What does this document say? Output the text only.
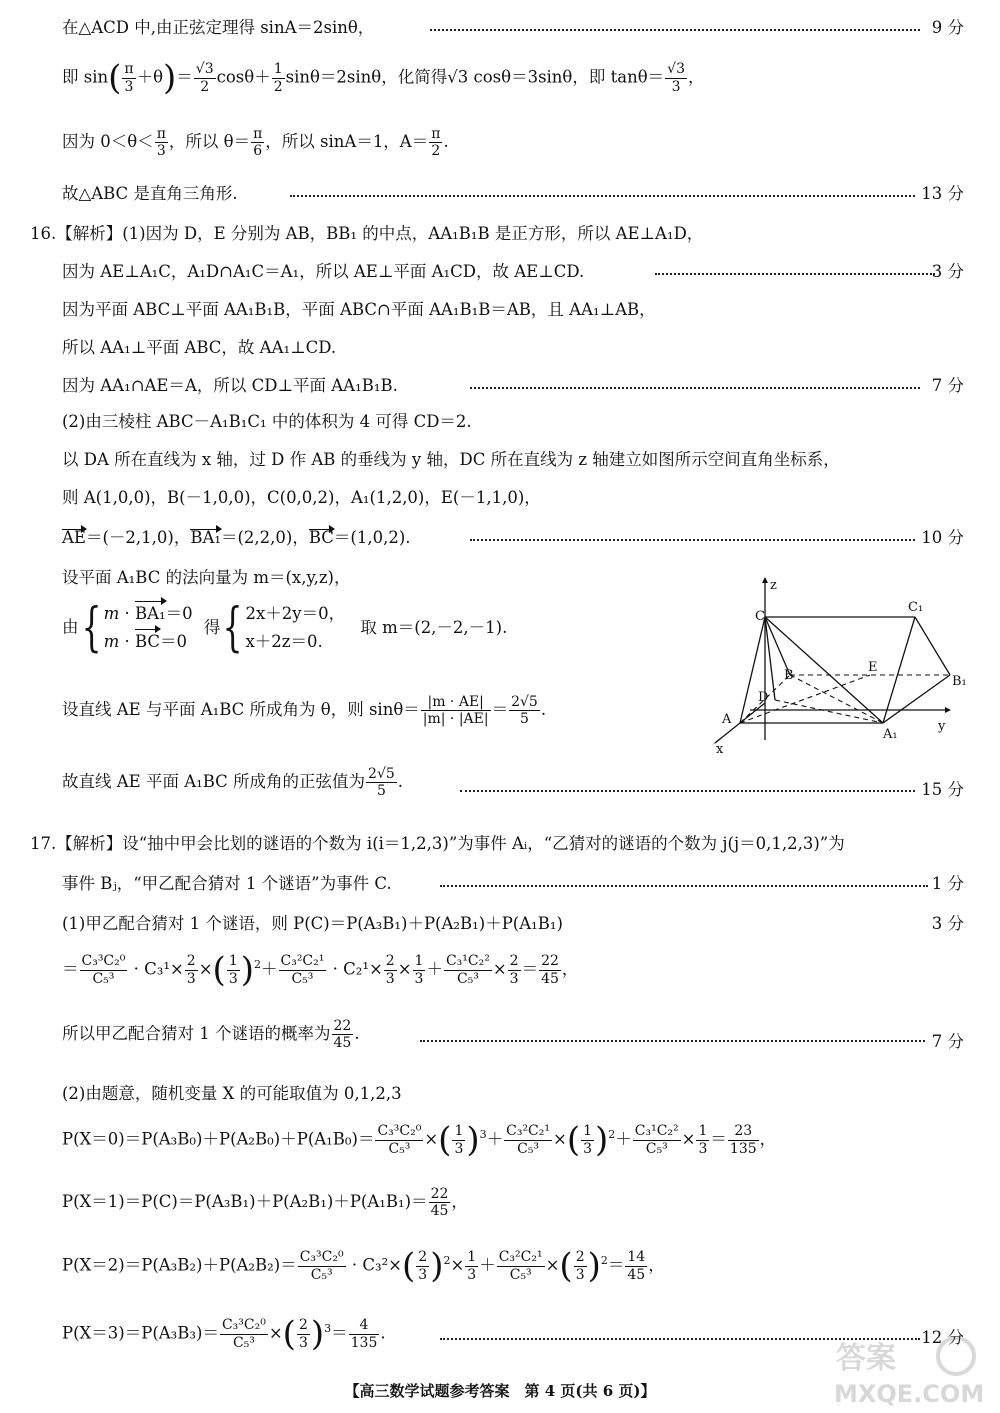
在△ACD 中,由正弦定理得 sinA＝2sinθ，	9 分
即 $\sin( \frac{\pi}{3} +\theta)= \frac{√3}{2} \cos\theta+ \frac{1}{2} \sin\theta=2\sin\theta$，化简得√3 cosθ＝3sinθ，即 $\tan\theta= \frac{√3}{3}$ ，
因为 $0<\theta< \frac{\pi}{3}$ ，所以 $\theta= \frac{\pi}{6}$ ，所以 sinA＝1，$A= \frac{\pi}{2}$ .
故△ABC 是直角三角形.	13 分
16.【解析】(1)因为 D，E 分别为 AB，BB₁ 的中点，AA₁B₁B 是正方形，所以 AE⊥A₁D，
因为 AE⊥A₁C，A₁D∩A₁C＝A₁，所以 AE⊥平面 A₁CD，故 AE⊥CD.	3 分
因为平面 ABC⊥平面 AA₁B₁B，平面 ABC∩平面 AA₁B₁B＝AB，且 AA₁⊥AB，
所以 AA₁⊥平面 ABC，故 AA₁⊥CD.
因为 AA₁∩AE＝A，所以 CD⊥平面 AA₁B₁B.	7 分
(2)由三棱柱 ABC－A₁B₁C₁ 中的体积为 4 可得 CD＝2.
以 DA 所在直线为 x 轴，过 D 作 AB 的垂线为 y 轴，DC 所在直线为 z 轴建立如图所示空间直角坐标系，
则 A(1,0,0)，B(－1,0,0)，C(0,0,2)，A₁(1,2,0)，E(－1,1,0)，
AE＝(－2,1,0)，BA₁＝(2,2,0)，BC＝(1,0,2).	10 分
设平面 A₁BC 的法向量为 m＝(x,y,z)，
由{ m · BA₁＝0
m · BC＝0
得{ 2x＋2y＝0，
x＋2z＝0.
取 m＝(2,－2,－1).
设直线 AE 与平面 A₁BC 所成角为 θ，则 $\sin\theta= \frac{|m \cdot AE|}{|m| \cdot |AE|} = \frac{2√5}{5}$ .
故直线 AE 平面 A₁BC 所成角的正弦值为 $\frac{2√5}{5}$ .	15 分
z
y
x
C
C₁
B	B₁
E
D
A
A₁
17.【解析】设“抽中甲会比划的谜语的个数为 i(i＝1,2,3)”为事件 Aᵢ，“乙猜对的谜语的个数为 j(j＝0,1,2,3)”为
事件 Bⱼ，“甲乙配合猜对 1 个谜语”为事件 C.	1 分
(1)甲乙配合猜对 1 个谜语，则 P(C)＝P(A₃B₁)＋P(A₂B₁)＋P(A₁B₁)	3 分
＝ $\frac{\text{C₃³C₂⁰}}{\text{C₅³}} \cdot C_3^1\times \frac{2}{3}$ ×( $\frac{1}{3} )^2+ \frac{\text{C₃²C₂¹}}{\text{C₅³}} \cdot C_2^1\times \frac{2}{3} \times \frac{1}{3} + \frac{\text{C₃¹C₂²}}{\text{C₅³}} \times \frac{2}{3} = \frac{22}{45}$ ，
所以甲乙配合猜对 1 个谜语的概率为 $\frac{22}{45}$ .	7 分
(2)由题意，随机变量 X 的可能取值为 0,1,2,3
$P(X=0)=P(A_3B_0)+P(A_2B_0)+P(A_1B_0)= \frac{\text{C₃³C₂⁰}}{\text{C₅³}}$ ×( $\frac{1}{3} )^3+ \frac{\text{C₃²C₂¹}}{\text{C₅³}}$ ×( $\frac{1}{3} )^2+ \frac{\text{C₃¹C₂²}}{\text{C₅³}} \times \frac{1}{3} = \frac{23}{135}$ ，
$P(X=1)=P(C)=P(A_3B_1)+P(A_2B_1)+P(A_1B_1)= \frac{22}{45}$ ，
$P(X=2)=P(A_3B_2)+P(A_2B_2)= \frac{\text{C₃³C₂⁰}}{\text{C₅³}} \cdot C_3^2\times( \frac{2}{3} )^2\times \frac{1}{3} + \frac{\text{C₃²C₂¹}}{\text{C₅³}}$ ×( $\frac{2}{3} )^2= \frac{14}{45}$ ，
$P(X=3)=P(A_3B_3)= \frac{\text{C₃³C₂⁰}}{\text{C₅³}}$ ×( $\frac{2}{3} )^3= \frac{4}{135}$ .	12 分
【高三数学试题参考答案　第 4 页(共 6 页)】
答案
MXQE.COM
